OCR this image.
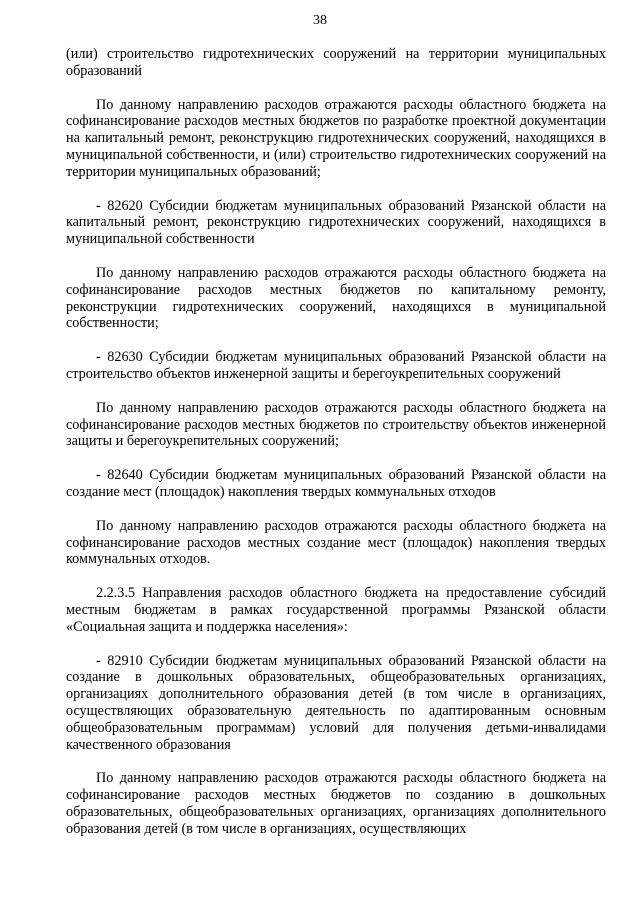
38

(или) строительство гидротехнических сооружений на территории муниципальных образований

По данному направлению расходов отражаются расходы областного бюджета на софинансирование расходов местных бюджетов по разработке проектной документации на капитальный ремонт, реконструкцию гидротехнических сооружений, находящихся в муниципальной собственности, и (или) строительство гидротехнических сооружений на территории муниципальных образований;

- 82620 Субсидии бюджетам муниципальных образований Рязанской области на капитальный ремонт, реконструкцию гидротехнических сооружений, находящихся в муниципальной собственности

По данному направлению расходов отражаются расходы областного бюджета на софинансирование расходов местных бюджетов по капитальному ремонту, реконструкции гидротехнических сооружений, находящихся в муниципальной собственности;

- 82630 Субсидии бюджетам муниципальных образований Рязанской области на строительство объектов инженерной защиты и берегоукрепительных сооружений

По данному направлению расходов отражаются расходы областного бюджета на софинансирование расходов местных бюджетов по строительству объектов инженерной защиты и берегоукрепительных сооружений;

- 82640 Субсидии бюджетам муниципальных образований Рязанской области на создание мест (площадок) накопления твердых коммунальных отходов

По данному направлению расходов отражаются расходы областного бюджета на софинансирование расходов местных создание мест (площадок) накопления твердых коммунальных отходов.

2.2.3.5 Направления расходов областного бюджета на предоставление субсидий местным бюджетам в рамках государственной программы Рязанской области «Социальная защита и поддержка населения»:

- 82910 Субсидии бюджетам муниципальных образований Рязанской области на создание в дошкольных образовательных, общеобразовательных организациях, организациях дополнительного образования детей (в том числе в организациях, осуществляющих образовательную деятельность по адаптированным основным общеобразовательным программам) условий для получения детьми-инвалидами качественного образования

По данному направлению расходов отражаются расходы областного бюджета на софинансирование расходов местных бюджетов по созданию в дошкольных образовательных, общеобразовательных организациях, организациях дополнительного образования детей (в том числе в организациях, осуществляющих
